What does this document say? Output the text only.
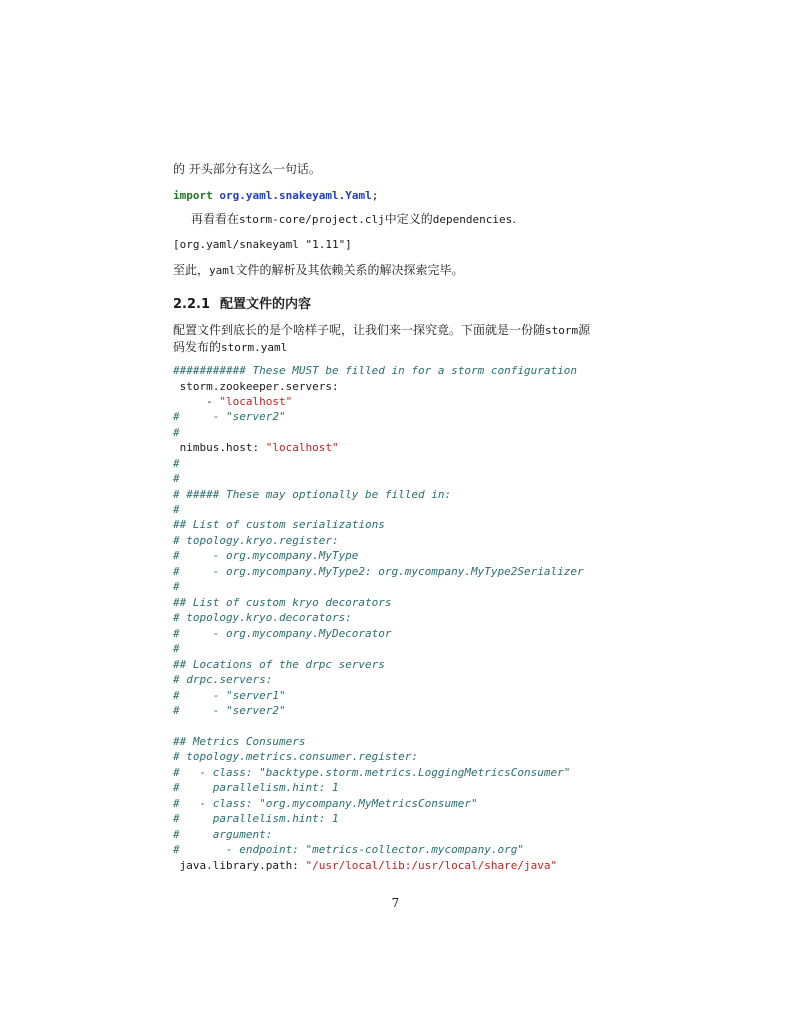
的 开头部分有这么一句话。
import org.yaml.snakeyaml.Yaml;
再看看在storm-core/project.clj中定义的dependencies.
[org.yaml/snakeyaml "1.11"]
至此，yaml文件的解析及其依赖关系的解决探索完毕。
2.2.1 配置文件的内容
配置文件到底长的是个啥样子呢，让我们来一探究竟。下面就是一份随storm源
码发布的storm.yaml
########### These MUST be filled in for a storm configuration
storm.zookeeper.servers:
- "localhost"
#     - "server2"
#
nimbus.host: "localhost"
#
#
# ##### These may optionally be filled in:
#
## List of custom serializations
# topology.kryo.register:
#     - org.mycompany.MyType
#     - org.mycompany.MyType2: org.mycompany.MyType2Serializer
#
## List of custom kryo decorators
# topology.kryo.decorators:
#     - org.mycompany.MyDecorator
#
## Locations of the drpc servers
# drpc.servers:
#     - "server1"
#     - "server2"
## Metrics Consumers
# topology.metrics.consumer.register:
#   - class: "backtype.storm.metrics.LoggingMetricsConsumer"
#     parallelism.hint: 1
#   - class: "org.mycompany.MyMetricsConsumer"
#     parallelism.hint: 1
#     argument:
#       - endpoint: "metrics-collector.mycompany.org"
java.library.path: "/usr/local/lib:/usr/local/share/java"
7
